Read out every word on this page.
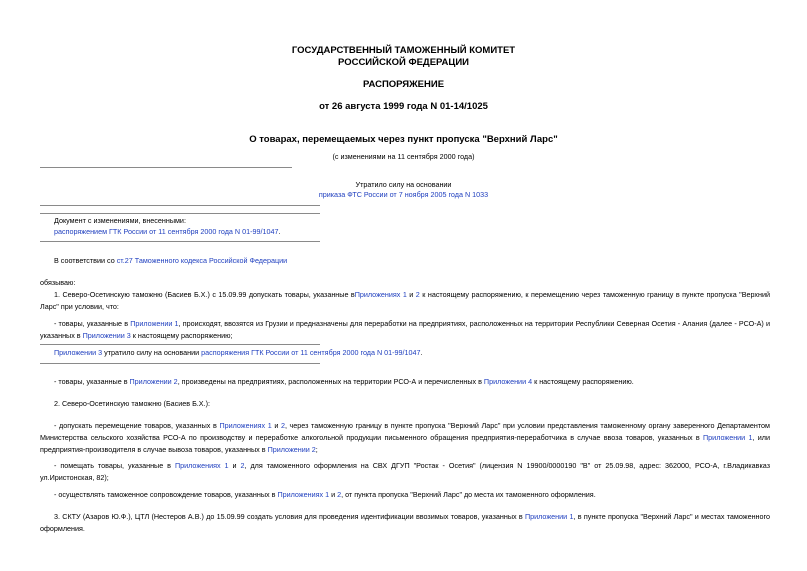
ГОСУДАРСТВЕННЫЙ ТАМОЖЕННЫЙ КОМИТЕТ
РОССИЙСКОЙ ФЕДЕРАЦИИ
РАСПОРЯЖЕНИЕ
от 26 августа 1999 года N 01-14/1025
О товарах, перемещаемых через пункт пропуска "Верхний Ларс"
(с изменениями на 11 сентября 2000 года)
Утратило силу на основании
приказа ФТС России от 7 ноября 2005 года N 1033
Документ с изменениями, внесенными:
распоряжением ГТК России от 11 сентября 2000 года N 01-99/1047.
В соответствии со ст.27 Таможенного кодекса Российской Федерации
обязываю:
1. Северо-Осетинскую таможню (Басиев Б.Х.) с 15.09.99 допускать товары, указанные вПриложениях 1 и 2 к настоящему распоряжению, к перемещению через таможенную границу в пункте пропуска "Верхний Ларс" при условии, что:
- товары, указанные в Приложении 1, происходят, ввозятся из Грузии и предназначены для переработки на предприятиях, расположенных на территории Республики Северная Осетия - Алания (далее - РСО-А) и указанных в Приложении 3 к настоящему распоряжению;
Приложении 3 утратило силу на основании распоряжения ГТК России от 11 сентября 2000 года N 01-99/1047.
- товары, указанные в Приложении 2, произведены на предприятиях, расположенных на территории РСО-А и перечисленных в Приложении 4 к настоящему распоряжению.
2. Северо-Осетинскую таможню (Басиев Б.Х.):
- допускать перемещение товаров, указанных в Приложениях 1 и 2, через таможенную границу в пункте пропуска "Верхний Ларс" при условии представления таможенному органу заверенного Департаментом Министерства сельского хозяйства РСО-А по производству и переработке алкогольной продукции письменного обращения предприятия-переработчика в случае ввоза товаров, указанных в Приложении 1, или предприятия-производителя в случае вывоза товаров, указанных в Приложении 2;
- помещать товары, указанные в Приложениях 1 и 2, для таможенного оформления на СВХ ДГУП "Ростак - Осетия" (лицензия N 19900/0000190 "В" от 25.09.98, адрес: 362000, РСО-А, г.Владикавказ ул.Иристонская, 82);
- осуществлять таможенное сопровождение товаров, указанных в Приложениях 1 и 2, от пункта пропуска "Верхний Ларс" до места их таможенного оформления.
3. СКТУ (Азаров Ю.Ф.), ЦТЛ (Нестеров А.В.) до 15.09.99 создать условия для проведения идентификации ввозимых товаров, указанных в Приложении 1, в пункте пропуска "Верхний Ларс" и местах таможенного оформления.
